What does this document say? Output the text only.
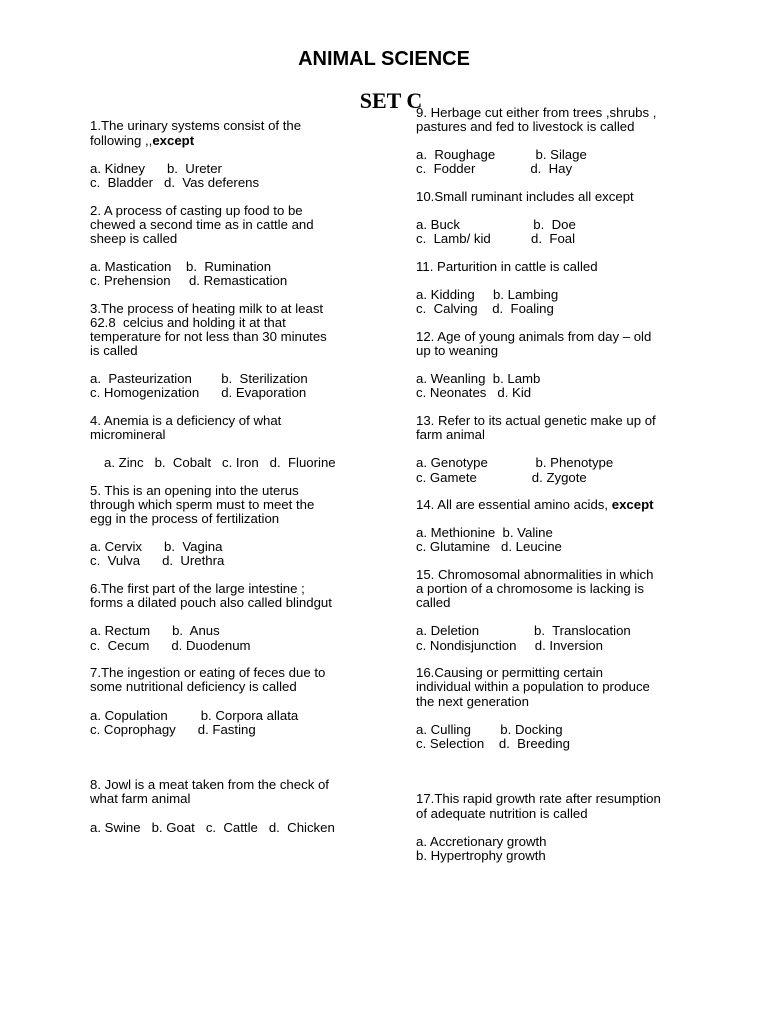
ANIMAL SCIENCE
SET C
1.The urinary systems consist of the
following ,,except
a. Kidney      b.  Ureter
c.  Bladder   d.  Vas deferens
2. A process of casting up food to be
chewed a second time as in cattle and
sheep is called
a. Mastication    b.  Rumination
c. Prehension     d. Remastication
3.The process of heating milk to at least
62.8  celcius and holding it at that
temperature for not less than 30 minutes
is called
a.  Pasteurization        b.  Sterilization
c. Homogenization      d. Evaporation
4. Anemia is a deficiency of what
micromineral
a. Zinc   b.  Cobalt   c. Iron   d.  Fluorine
5. This is an opening into the uterus
through which sperm must to meet the
egg in the process of fertilization
a. Cervix      b.  Vagina
c.  Vulva      d.  Urethra
6.The first part of the large intestine ;
forms a dilated pouch also called blindgut
a. Rectum      b.  Anus
c.  Cecum      d. Duodenum
7.The ingestion or eating of feces due to
some nutritional deficiency is called
a. Copulation         b. Corpora allata
c. Coprophagy      d. Fasting
8. Jowl is a meat taken from the check of
what farm animal
a. Swine   b. Goat   c.  Cattle   d.  Chicken
9. Herbage cut either from trees ,shrubs ,
pastures and fed to livestock is called
a.  Roughage           b. Silage
c.  Fodder               d.  Hay
10.Small ruminant includes all except
a. Buck                    b.  Doe
c.  Lamb/ kid           d.  Foal
11. Parturition in cattle is called
a. Kidding     b. Lambing
c.  Calving    d.  Foaling
12. Age of young animals from day – old
up to weaning
a. Weanling  b. Lamb
c. Neonates   d. Kid
13. Refer to its actual genetic make up of
farm animal
a. Genotype             b. Phenotype
c. Gamete               d. Zygote
14. All are essential amino acids, except
a. Methionine  b. Valine
c. Glutamine   d. Leucine
15. Chromosomal abnormalities in which
a portion of a chromosome is lacking is
called
a. Deletion               b.  Translocation
c. Nondisjunction     d. Inversion
16.Causing or permitting certain
individual within a population to produce
the next generation
a. Culling        b. Docking
c. Selection    d.  Breeding
17.This rapid growth rate after resumption
of adequate nutrition is called
a. Accretionary growth
b. Hypertrophy growth
